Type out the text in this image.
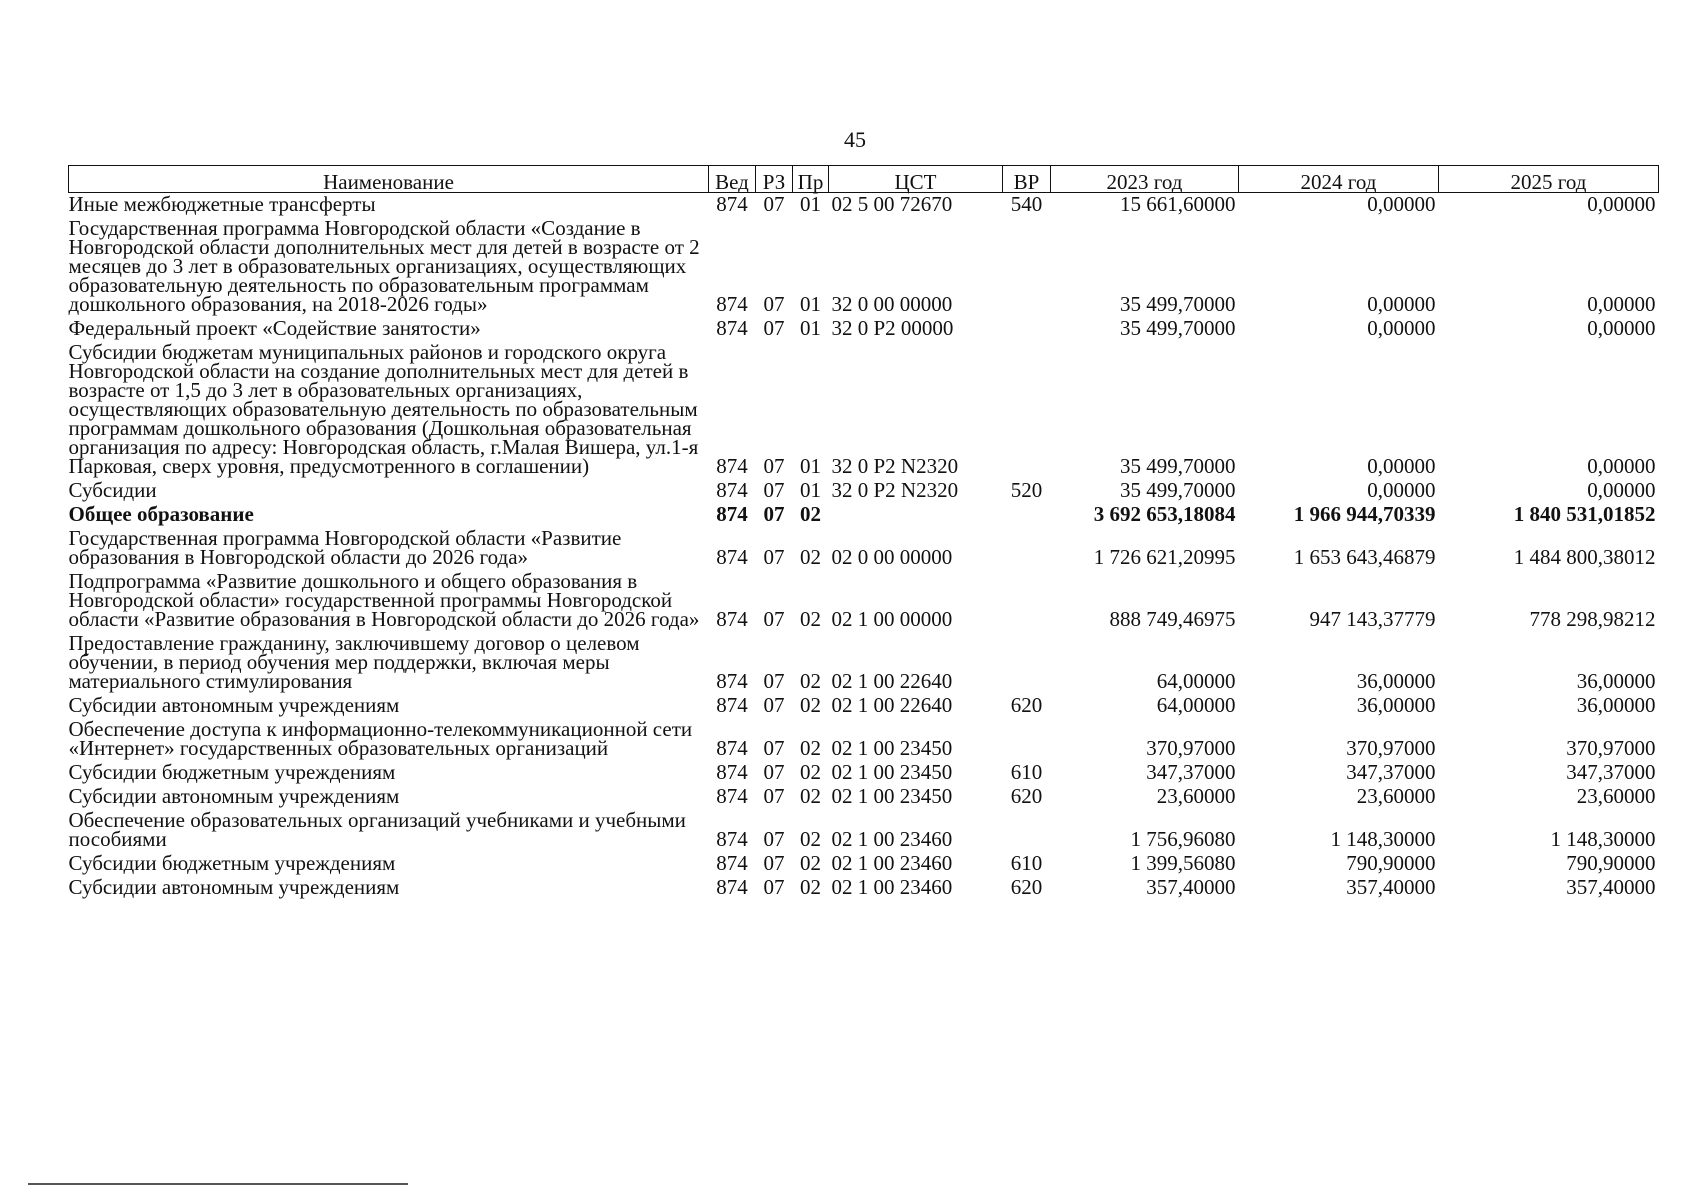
45
Наименование	Вед	РЗ	Пр	ЦСТ	ВР	2023 год	2024 год	2025 год
Иные межбюджетные трансферты	874	07	01	02 5 00 72670	540	15 661,60000	0,00000	0,00000
Государственная программа Новгородской области «Создание в Новгородской области дополнительных мест для детей в возрасте от 2 месяцев до 3 лет в образовательных организациях, осуществляющих образовательную деятельность по образовательным программам дошкольного образования, на 2018-2026 годы»	874	07	01	32 0 00 00000		35 499,70000	0,00000	0,00000
Федеральный проект «Содействие занятости»	874	07	01	32 0 P2 00000		35 499,70000	0,00000	0,00000
Субсидии бюджетам муниципальных районов и городского округа Новгородской области на создание дополнительных мест для детей в возрасте от 1,5 до 3 лет в образовательных организациях, осуществляющих образовательную деятельность по образовательным программам дошкольного образования (Дошкольная образовательная организация по адресу: Новгородская область, г.Малая Вишера, ул.1-я Парковая, сверх уровня, предусмотренного в соглашении)	874	07	01	32 0 P2 N2320		35 499,70000	0,00000	0,00000
Субсидии	874	07	01	32 0 P2 N2320	520	35 499,70000	0,00000	0,00000
Общее образование	874	07	02			3 692 653,18084	1 966 944,70339	1 840 531,01852
Государственная программа Новгородской области «Развитие образования в Новгородской области до 2026 года»	874	07	02	02 0 00 00000		1 726 621,20995	1 653 643,46879	1 484 800,38012
Подпрограмма «Развитие дошкольного и общего образования в Новгородской области» государственной программы Новгородской области «Развитие образования в Новгородской области до 2026 года»	874	07	02	02 1 00 00000		888 749,46975	947 143,37779	778 298,98212
Предоставление гражданину, заключившему договор о целевом обучении, в период обучения мер поддержки, включая меры материального стимулирования	874	07	02	02 1 00 22640		64,00000	36,00000	36,00000
Субсидии автономным учреждениям	874	07	02	02 1 00 22640	620	64,00000	36,00000	36,00000
Обеспечение доступа к информационно-телекоммуникационной сети «Интернет» государственных образовательных организаций	874	07	02	02 1 00 23450		370,97000	370,97000	370,97000
Субсидии бюджетным учреждениям	874	07	02	02 1 00 23450	610	347,37000	347,37000	347,37000
Субсидии автономным учреждениям	874	07	02	02 1 00 23450	620	23,60000	23,60000	23,60000
Обеспечение образовательных организаций учебниками и учебными пособиями	874	07	02	02 1 00 23460		1 756,96080	1 148,30000	1 148,30000
Субсидии бюджетным учреждениям	874	07	02	02 1 00 23460	610	1 399,56080	790,90000	790,90000
Субсидии автономным учреждениям	874	07	02	02 1 00 23460	620	357,40000	357,40000	357,40000
